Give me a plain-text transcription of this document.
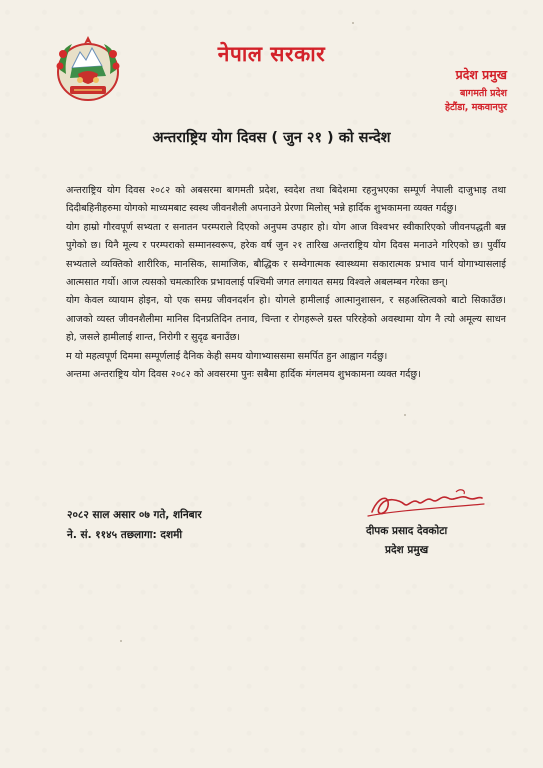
नेपाल सरकार
प्रदेश प्रमुख
बागमती प्रदेश
हेटौंडा, मकवानपुर
अन्तराष्ट्रिय योग दिवस ( जुन २१ ) को सन्देश

अन्तराष्ट्रिय योग दिवस २०८२ को अबसरमा बागमती प्रदेश, स्वदेश तथा बिदेशमा रहनुभएका सम्पूर्ण नेपाली दाजुभाइ तथा दिदीबहिनीहरुमा योगको माध्यमबाट स्वस्थ जीवनशैली अपनाउने प्रेरणा मिलोस् भन्ने हार्दिक शुभकामना व्यक्त गर्दछु।

योग हाम्रो गौरवपूर्ण सभ्यता र सनातन परम्पराले दिएको अनुपम उपहार हो। योग आज विश्वभर स्वीकारिएको जीवनपद्धती बन्न पुगेको छ। यिनै मूल्य र परम्पराको सम्मानस्वरूप, हरेक वर्ष जुन २१ तारिख अन्तराष्ट्रिय योग दिवस मनाउने गरिएको छ। पुर्वीय सभ्यताले व्यक्तिको शारीरिक, मानसिक, सामाजिक, बौद्धिक र सम्वेगात्मक स्वास्थ्यमा सकारात्मक प्रभाव पार्न योगाभ्यासलाई आत्मसात गर्यो। आज त्यसको चमत्कारिक प्रभावलाई पश्चिमी जगत लगायत समग्र विश्वले अबलम्बन गरेका छन्।

योग केवल व्यायाम होइन, यो एक समग्र जीवनदर्शन हो। योगले हामीलाई आत्मानुशासन, र सहअस्तित्वको बाटो सिकाउँछ। आजको व्यस्त जीवनशैलीमा मानिस दिनप्रतिदिन तनाव, चिन्ता र रोगहरूले ग्रस्त परिरहेको अवस्थामा योग नै त्यो अमूल्य साधन हो, जसले हामीलाई शान्त, निरोगी र सुदृढ बनाउँछ।

म यो महत्वपूर्ण दिममा सम्पूर्णलाई दैनिक केही समय योगाभ्याससमा समर्पित हुन आह्वान गर्दछु।

अन्तमा अन्तराष्ट्रिय योग दिवस २०८२ को अवसरमा पुनः सबैमा हार्दिक मंगलमय शुभकामना व्यक्त गर्दछु।

२०८२ साल असार ०७ गते, शनिबार
ने. सं. ११४५ तछलागा: दशमी	दीपक प्रसाद देवकोटा
प्रदेश प्रमुख
